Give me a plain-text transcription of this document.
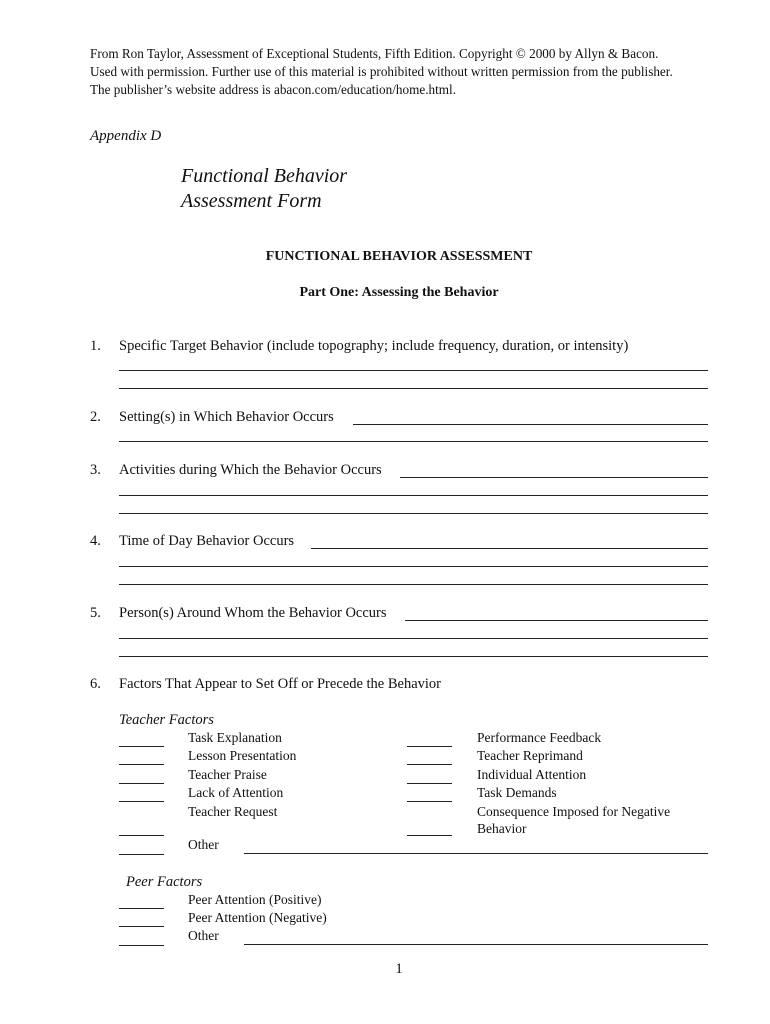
From Ron Taylor, Assessment of Exceptional Students, Fifth Edition. Copyright © 2000 by Allyn & Bacon.
Used with permission. Further use of this material is prohibited without written permission from the publisher.
The publisher’s website address is abacon.com/education/home.html.
Appendix D
Functional Behavior
Assessment Form
FUNCTIONAL BEHAVIOR ASSESSMENT
Part One: Assessing the Behavior
1. Specific Target Behavior (include topography; include frequency, duration, or intensity)
2. Setting(s) in Which Behavior Occurs
3. Activities during Which the Behavior Occurs
4. Time of Day Behavior Occurs
5. Person(s) Around Whom the Behavior Occurs
6. Factors That Appear to Set Off or Precede the Behavior
Teacher Factors
Task Explanation
Lesson Presentation
Teacher Praise
Lack of Attention
Teacher Request
Other
Performance Feedback
Teacher Reprimand
Individual Attention
Task Demands
Consequence Imposed for Negative
Behavior
Peer Factors
Peer Attention (Positive)
Peer Attention (Negative)
Other
1
